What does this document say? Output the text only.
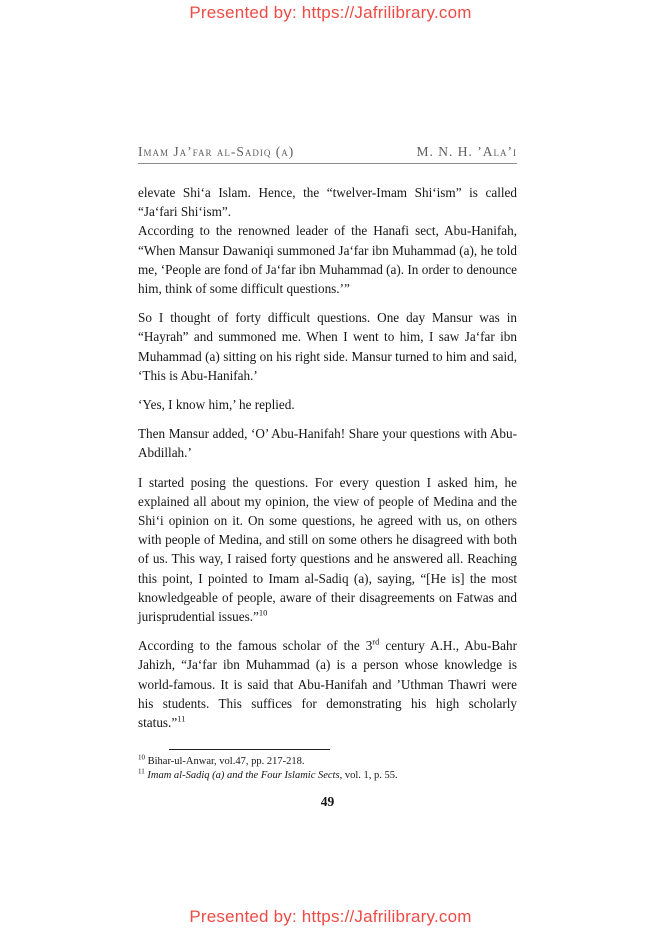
Presented by: https://Jafrilibrary.com
Imam Ja’far al-Sadiq (a)	M. N. H. ’Ala’i

elevate Shi‘a Islam. Hence, the “twelver-Imam Shi‘ism” is called “Ja‘fari Shi‘ism”.

According to the renowned leader of the Hanafi sect, Abu-Hanifah, “When Mansur Dawaniqi summoned Ja‘far ibn Muhammad (a), he told me, ‘People are fond of Ja‘far ibn Muhammad (a). In order to denounce him, think of some difficult questions.’”

So I thought of forty difficult questions. One day Mansur was in “Hayrah” and summoned me. When I went to him, I saw Ja‘far ibn Muhammad (a) sitting on his right side. Mansur turned to him and said, ‘This is Abu-Hanifah.’

‘Yes, I know him,’ he replied.

Then Mansur added, ‘O’ Abu-Hanifah! Share your questions with Abu-Abdillah.’

I started posing the questions. For every question I asked him, he explained all about my opinion, the view of people of Medina and the Shi‘i opinion on it. On some questions, he agreed with us, on others with people of Medina, and still on some others he disagreed with both of us. This way, I raised forty questions and he answered all. Reaching this point, I pointed to Imam al-Sadiq (a), saying, “[He is] the most knowledgeable of people, aware of their disagreements on Fatwas and jurisprudential issues.”$^{10}$

According to the famous scholar of the 3rd century A.H., Abu-Bahr Jahizh, “Ja‘far ibn Muhammad (a) is a person whose knowledge is world-famous. It is said that Abu-Hanifah and ’Uthman Thawri were his students. This suffices for demonstrating his high scholarly status.”$^{11}$

$^{10}$ Bihar-ul-Anwar, vol.47, pp. 217-218.

$^{11}$ Imam al-Sadiq (a) and the Four Islamic Sects, vol. 1, p. 55.

49
Presented by: https://Jafrilibrary.com
